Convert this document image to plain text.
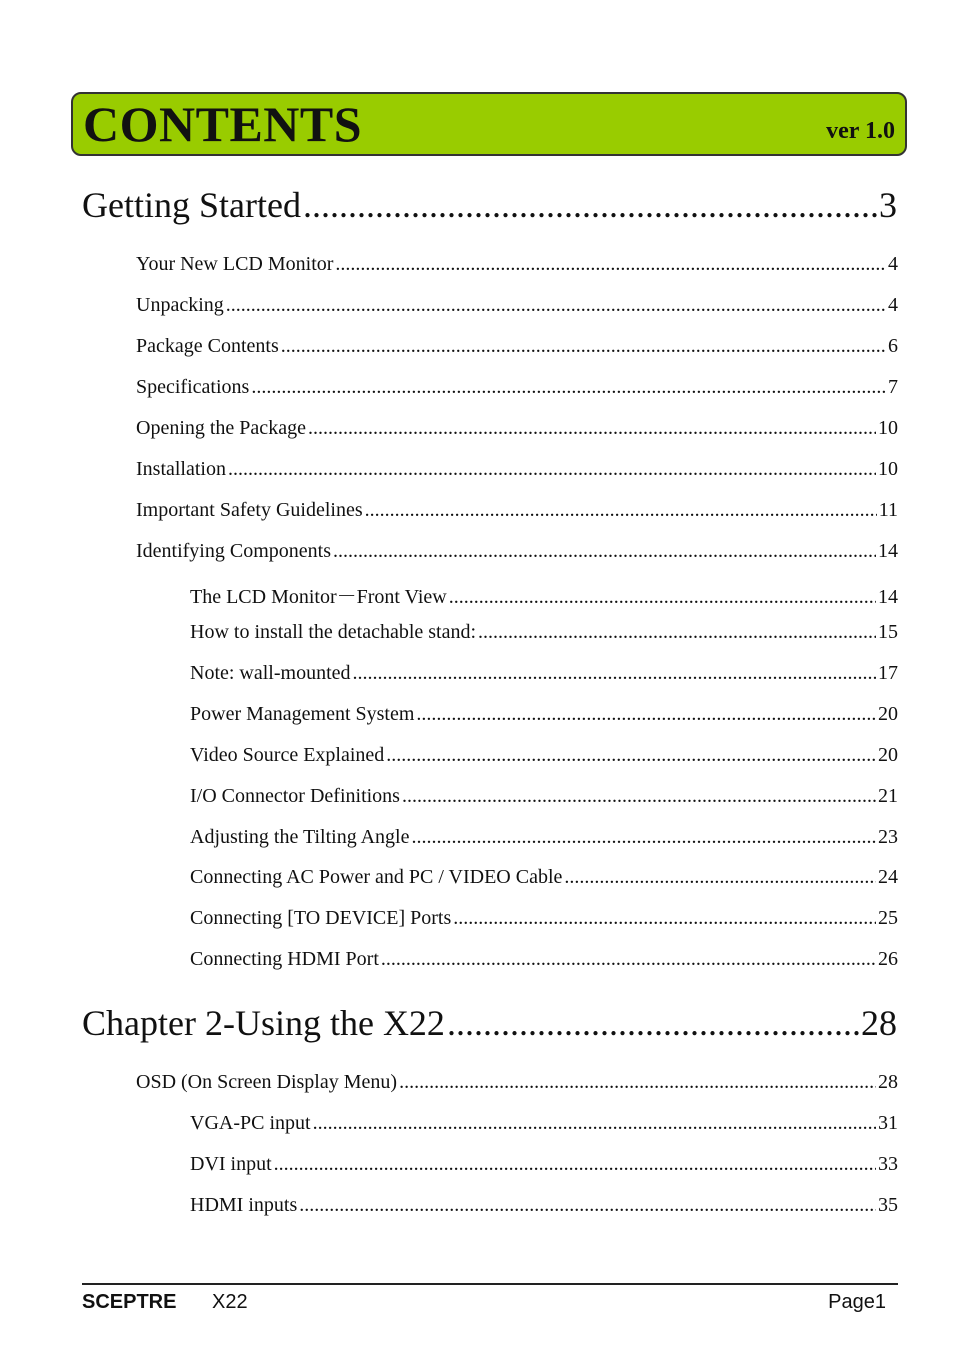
CONTENTS	ver 1.0
Getting Started .....	3
Your New LCD Monitor .....	4
Unpacking .....	4
Package Contents .....	6
Specifications .....	7
Opening the Package .....	10
Installation .....	10
Important Safety Guidelines .....	11
Identifying Components .....	14
The LCD Monitor－Front View .....	14
How to install the detachable stand: .....	15
Note: wall-mounted .....	17
Power Management System .....	20
Video Source Explained .....	20
I/O Connector Definitions .....	21
Adjusting the Tilting Angle .....	23
Connecting AC Power and PC / VIDEO Cable .....	24
Connecting [TO DEVICE] Ports .....	25
Connecting HDMI Port .....	26
Chapter 2-Using the X22 .....	28
OSD (On Screen Display Menu) .....	28
VGA-PC input .....	31
DVI input .....	33
HDMI inputs .....	35
SCEPTRE X22	Page1
